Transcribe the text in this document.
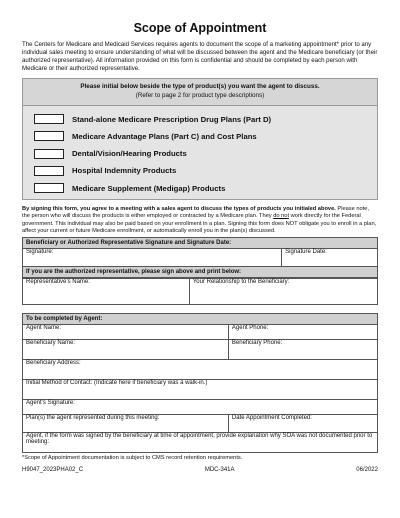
Scope of Appointment
The Centers for Medicare and Medicaid Services requires agents to document the scope of a marketing appointment* prior to any individual sales meeting to ensure understanding of what will be discussed between the agent and the Medicare beneficiary (or their authorized representative). All information provided on this form is confidential and should be completed by each person with Medicare or their authorized representative.
Please initial below beside the type of product(s) you want the agent to discuss.
(Refer to page 2 for product type descriptions)
Stand-alone Medicare Prescription Drug Plans (Part D)
Medicare Advantage Plans (Part C) and Cost Plans
Dental/Vision/Hearing Products
Hospital Indemnity Products
Medicare Supplement (Medigap) Products
By signing this form, you agree to a meeting with a sales agent to discuss the types of products you initialed above. Please note, the person who will discuss the products is either employed or contracted by a Medicare plan. They do not work directly for the Federal government. This individual may also be paid based on your enrollment in a plan. Signing this form does NOT obligate you to enroll in a plan, affect your current or future Medicare enrollment, or automatically enroll you in the plan(s) discussed.
Beneficiary or Authorized Representative Signature and Signature Date:
Signature:	Signature Date:
If you are the authorized representative, please sign above and print below:
Representative’s Name:	Your Relationship to the Beneficiary:
To be completed by Agent:	
Agent Name:	Agent Phone:
Beneficiary Name:	Beneficiary Phone:
Beneficiary Address:	
Initial Method of Contact: (Indicate here if beneficiary was a walk-in.)	
Agent’s Signature:	
Plan(s) the agent represented during this meeting:	Date Appointment Completed:
Agent, if the form was signed by the beneficiary at time of appointment, provide explanation why SOA was not documented prior to meeting:	
*Scope of Appointment documentation is subject to CMS record retention requirements.
H9047_2023PHA02_C	MDC-341A	06/2022
